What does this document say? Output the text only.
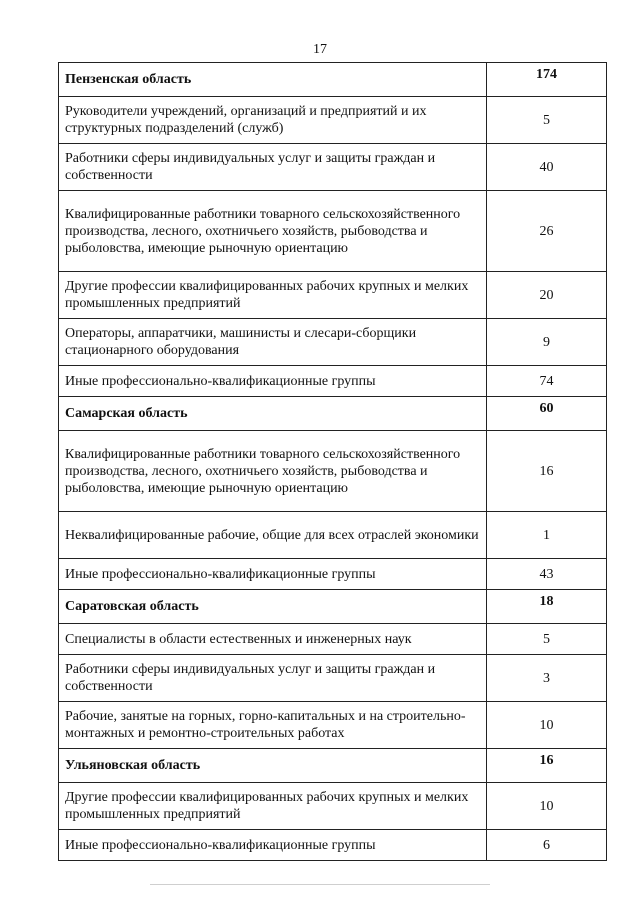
17
Пензенская область	174
Руководители учреждений, организаций и предприятий и их структурных подразделений (служб)	5
Работники сферы индивидуальных услуг и защиты граждан и собственности	40
Квалифицированные работники товарного сельскохозяйственного производства, лесного, охотничьего хозяйств, рыбоводства и рыболовства, имеющие рыночную ориентацию	26
Другие профессии квалифицированных рабочих крупных и мелких промышленных предприятий	20
Операторы, аппаратчики, машинисты и слесари-сборщики стационарного оборудования	9
Иные профессионально-квалификационные группы	74
Самарская область	60
Квалифицированные работники товарного сельскохозяйственного производства, лесного, охотничьего хозяйств, рыбоводства и рыболовства, имеющие рыночную ориентацию	16
Неквалифицированные рабочие, общие для всех отраслей экономики	1
Иные профессионально-квалификационные группы	43
Саратовская область	18
Специалисты в области естественных и инженерных наук	5
Работники сферы индивидуальных услуг и защиты граждан и собственности	3
Рабочие, занятые на горных, горно-капитальных и на строительно-монтажных и ремонтно-строительных работах	10
Ульяновская область	16
Другие профессии квалифицированных рабочих крупных и мелких промышленных предприятий	10
Иные профессионально-квалификационные группы	6
